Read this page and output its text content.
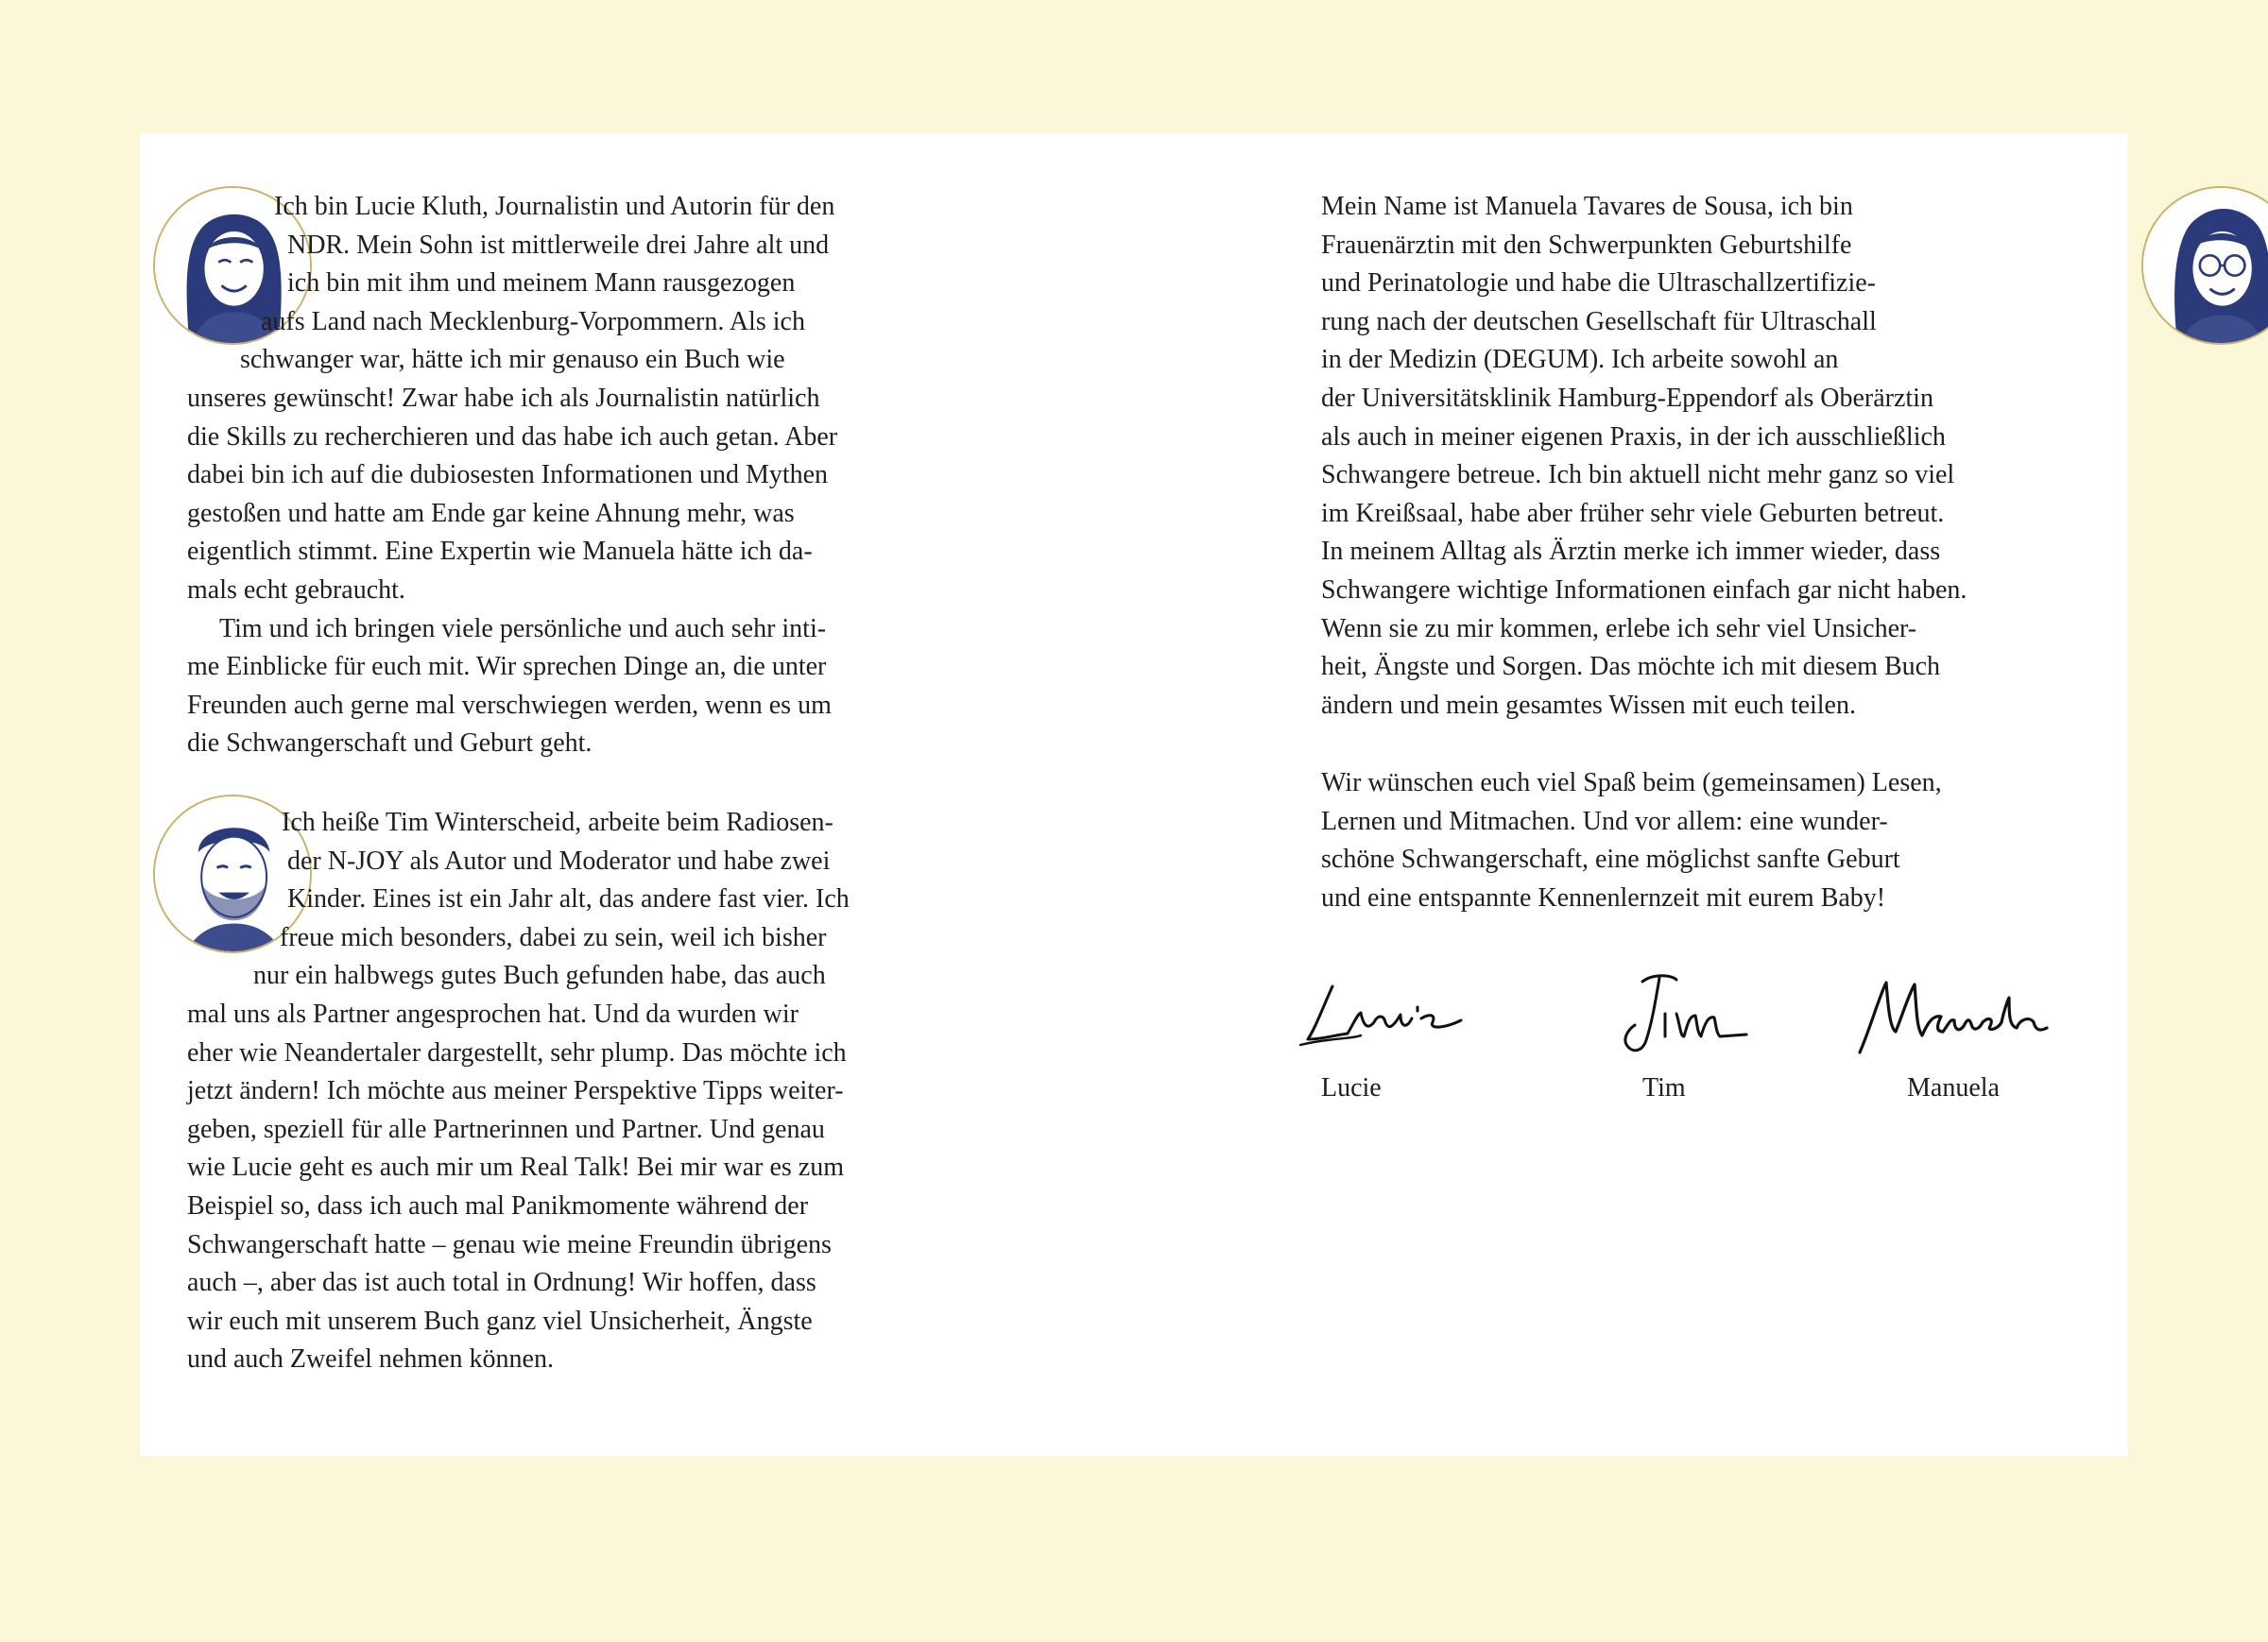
Ich bin Lucie Kluth, Journalistin und Autorin für den
NDR. Mein Sohn ist mittlerweile drei Jahre alt und
ich bin mit ihm und meinem Mann rausgezogen
aufs Land nach Mecklenburg-Vorpommern. Als ich
schwanger war, hätte ich mir genauso ein Buch wie
unseres gewünscht! Zwar habe ich als Journalistin natürlich
die Skills zu recherchieren und das habe ich auch getan. Aber
dabei bin ich auf die dubiosesten Informationen und Mythen
gestoßen und hatte am Ende gar keine Ahnung mehr, was
eigentlich stimmt. Eine Expertin wie Manuela hätte ich da-
mals echt gebraucht.
Tim und ich bringen viele persönliche und auch sehr inti-
me Einblicke für euch mit. Wir sprechen Dinge an, die unter
Freunden auch gerne mal verschwiegen werden, wenn es um
die Schwangerschaft und Geburt geht.
Ich heiße Tim Winterscheid, arbeite beim Radiosen-
der N-JOY als Autor und Moderator und habe zwei
Kinder. Eines ist ein Jahr alt, das andere fast vier. Ich
freue mich besonders, dabei zu sein, weil ich bisher
nur ein halbwegs gutes Buch gefunden habe, das auch
mal uns als Partner angesprochen hat. Und da wurden wir
eher wie Neandertaler dargestellt, sehr plump. Das möchte ich
jetzt ändern! Ich möchte aus meiner Perspektive Tipps weiter-
geben, speziell für alle Partnerinnen und Partner. Und genau
wie Lucie geht es auch mir um Real Talk! Bei mir war es zum
Beispiel so, dass ich auch mal Panikmomente während der
Schwangerschaft hatte – genau wie meine Freundin übrigens
auch –, aber das ist auch total in Ordnung! Wir hoffen, dass
wir euch mit unserem Buch ganz viel Unsicherheit, Ängste
und auch Zweifel nehmen können.
Mein Name ist Manuela Tavares de Sousa, ich bin
Frauenärztin mit den Schwerpunkten Geburtshilfe
und Perinatologie und habe die Ultraschallzertifizie-
rung nach der deutschen Gesellschaft für Ultraschall
in der Medizin (DEGUM). Ich arbeite sowohl an
der Universitätsklinik Hamburg-Eppendorf als Oberärztin
als auch in meiner eigenen Praxis, in der ich ausschließlich
Schwangere betreue. Ich bin aktuell nicht mehr ganz so viel
im Kreißsaal, habe aber früher sehr viele Geburten betreut.
In meinem Alltag als Ärztin merke ich immer wieder, dass
Schwangere wichtige Informationen einfach gar nicht haben.
Wenn sie zu mir kommen, erlebe ich sehr viel Unsicher-
heit, Ängste und Sorgen. Das möchte ich mit diesem Buch
ändern und mein gesamtes Wissen mit euch teilen.
Wir wünschen euch viel Spaß beim (gemeinsamen) Lesen,
Lernen und Mitmachen. Und vor allem: eine wunder-
schöne Schwangerschaft, eine möglichst sanfte Geburt
und eine entspannte Kennenlernzeit mit eurem Baby!
Lucie	Tim	Manuela
